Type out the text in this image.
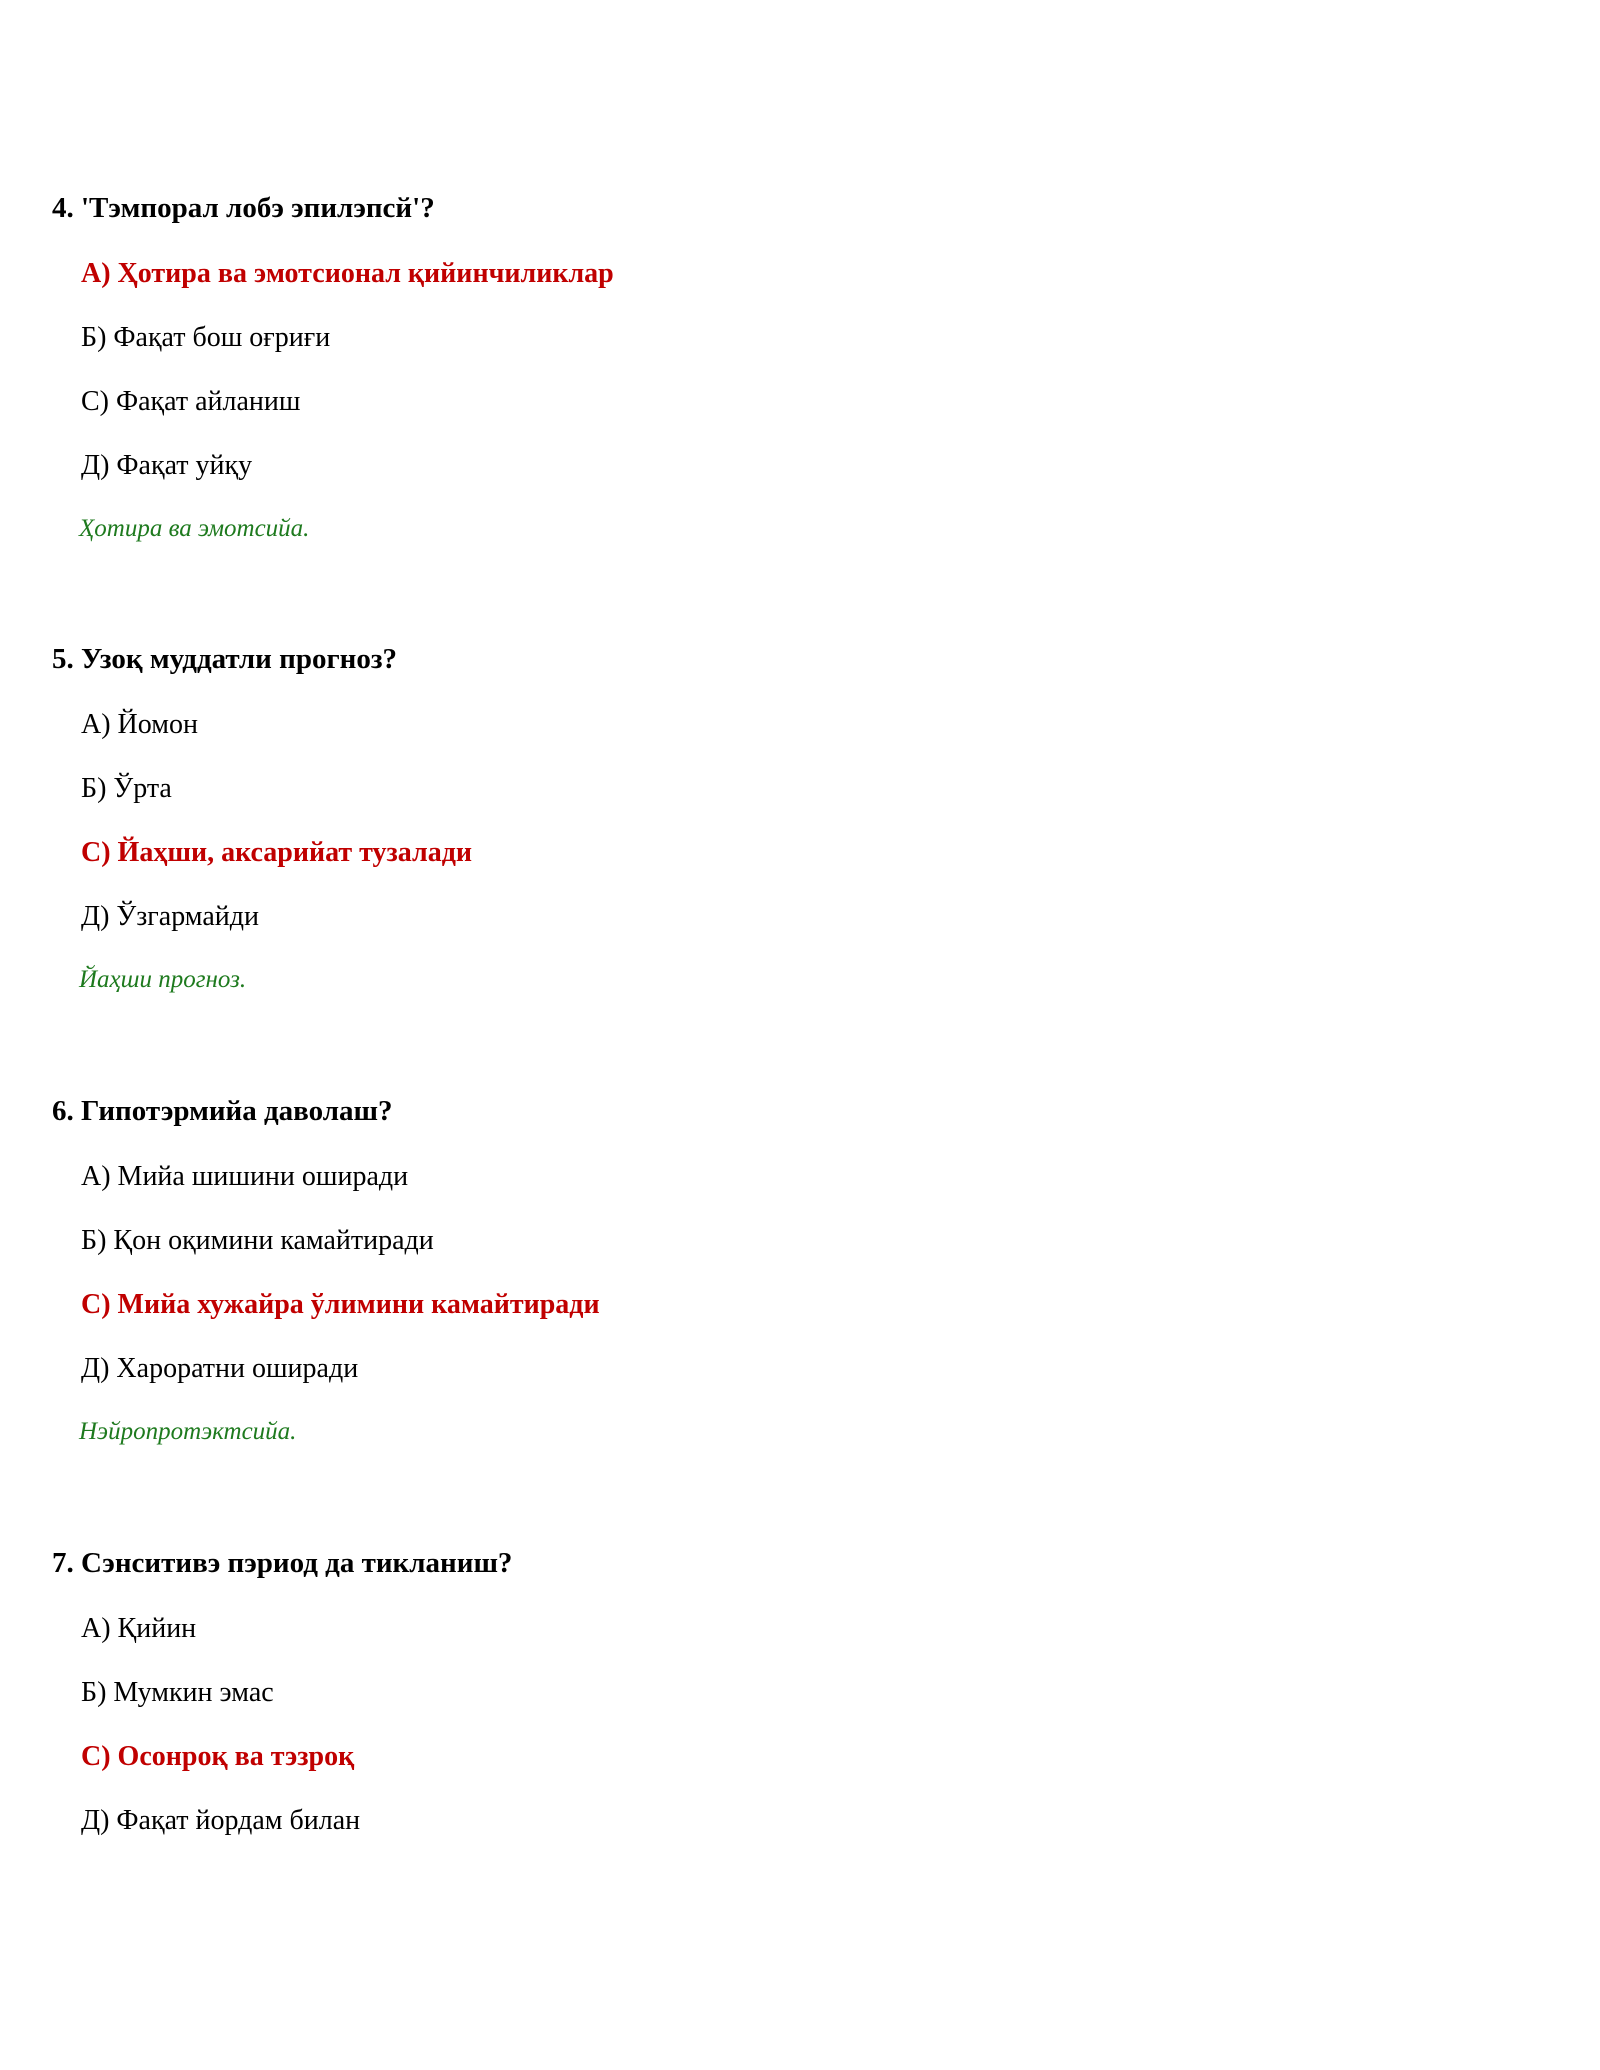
4. 'Тэмпорал лобэ эпилэпсй'?
А) Ҳотира ва эмотсионал қийинчиликлар
Б) Фақат бош оғриғи
С) Фақат айланиш
Д) Фақат уйқу
Ҳотира ва эмотсийа.
5. Узоқ муддатли прогноз?
А) Йомон
Б) Ўрта
С) Йаҳши, аксарийат тузалади
Д) Ўзгармайди
Йаҳши прогноз.
6. Гипотэрмийа даволаш?
А) Мийа шишини оширади
Б) Қон оқимини камайтиради
С) Мийа хужайра ўлимини камайтиради
Д) Хароратни оширади
Нэйропротэктсийа.
7. Сэнситивэ пэриод да тикланиш?
А) Қийин
Б) Мумкин эмас
С) Осонроқ ва тэзроқ
Д) Фақат йордам билан
